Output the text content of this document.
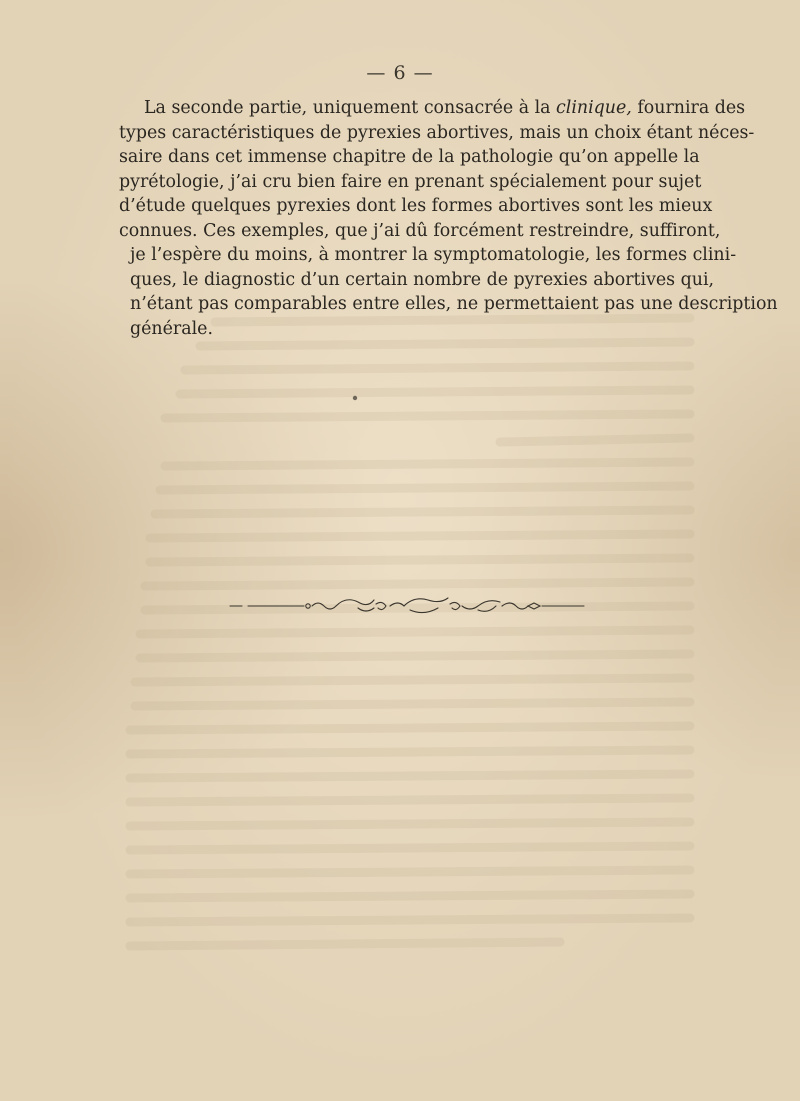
— 6 —
La seconde partie, uniquement consacrée à la clinique, fournira des
types caractéristiques de pyrexies abortives, mais un choix étant néces-
saire dans cet immense chapitre de la pathologie qu’on appelle la
pyrétologie, j’ai cru bien faire en prenant spécialement pour sujet
d’étude quelques pyrexies dont les formes abortives sont les mieux
connues. Ces exemples, que j’ai dû forcément restreindre, suffiront,
je l’espère du moins, à montrer la symptomatologie, les formes clini-
ques, le diagnostic d’un certain nombre de pyrexies abortives qui,
n’étant pas comparables entre elles, ne permettaient pas une description
générale.
